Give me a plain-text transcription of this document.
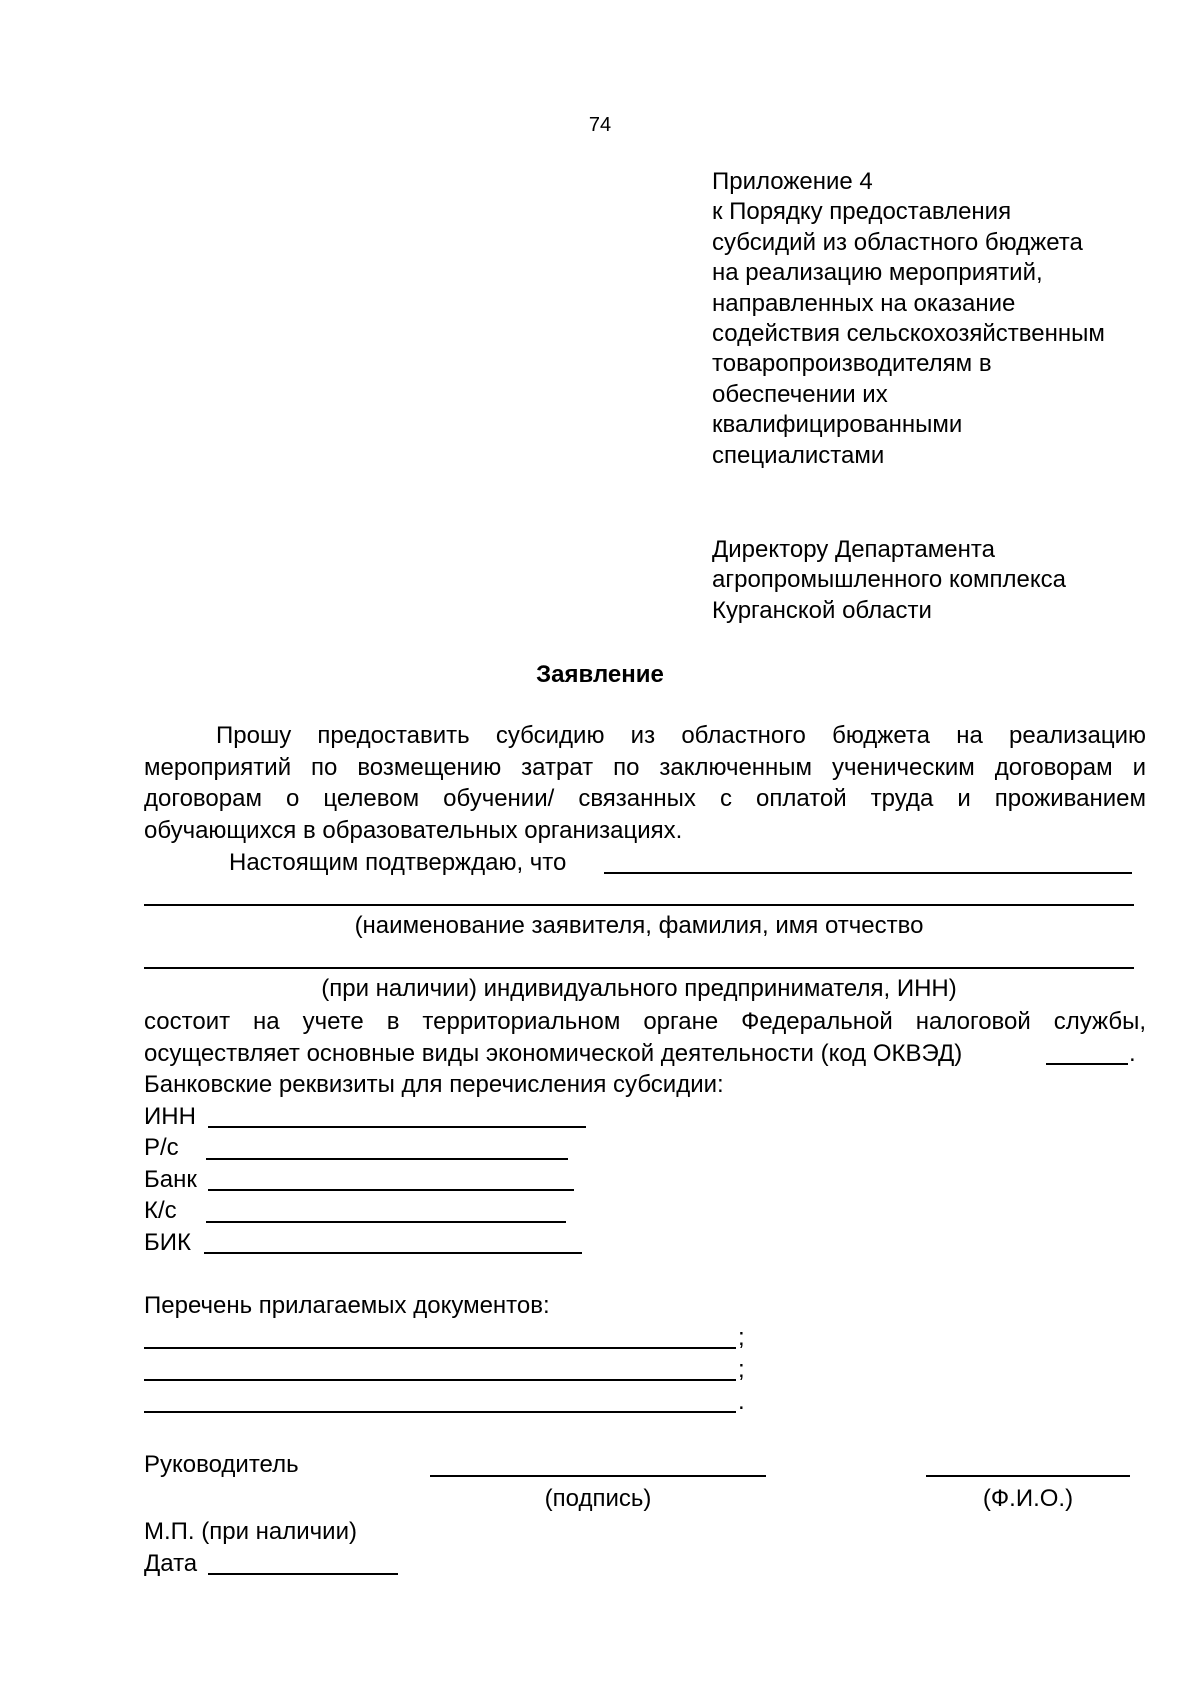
74
Приложение 4
к Порядку предоставления
субсидий из областного бюджета
на реализацию мероприятий,
направленных на оказание
содействия сельскохозяйственным
товаропроизводителям в
обеспечении их
квалифицированными
специалистами
Директору Департамента
агропромышленного комплекса
Курганской области
Заявление
Прошу предоставить субсидию из областного бюджета на реализацию
мероприятий по возмещению затрат по заключенным ученическим договорам и
договорам о целевом обучении/ связанных с оплатой труда и проживанием
обучающихся в образовательных организациях.
Настоящим подтверждаю, что
(наименование заявителя, фамилия, имя отчество
(при наличии) индивидуального предпринимателя, ИНН)
состоит на учете в территориальном органе Федеральной налоговой службы,
осуществляет основные виды экономической деятельности (код ОКВЭД)	.
Банковские реквизиты для перечисления субсидии:
ИНН
Р/с
Банк
К/с
БИК
Перечень прилагаемых документов:
;
;
.
Руководитель
(подпись)	(Ф.И.О.)
М.П. (при наличии)
Дата
